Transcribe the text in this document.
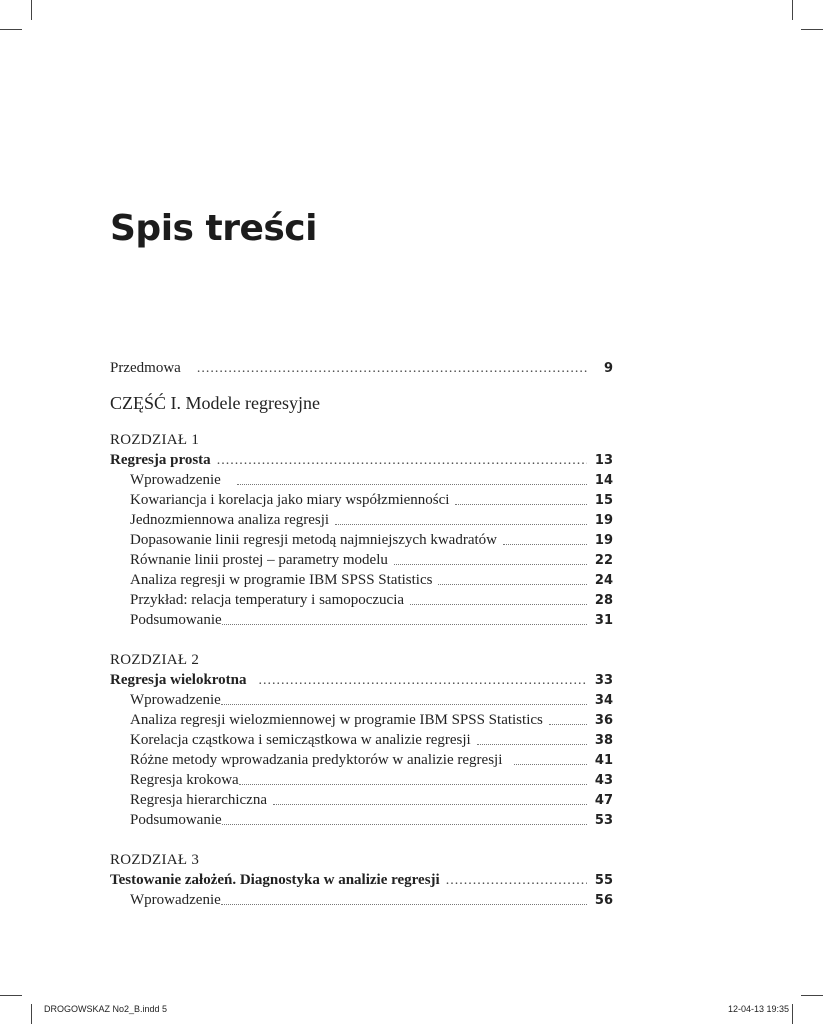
Spis treści
Przedmowa .....	9
CZĘŚĆ I. Modele regresyjne
ROZDZIAŁ 1
Regresja prosta .....	13
Wprowadzenie	14
Kowariancja i korelacja jako miary współzmienności	15
Jednozmiennowa analiza regresji	19
Dopasowanie linii regresji metodą najmniejszych kwadratów	19
Równanie linii prostej – parametry modelu	22
Analiza regresji w programie IBM SPSS Statistics	24
Przykład: relacja temperatury i samopoczucia	28
Podsumowanie	31
ROZDZIAŁ 2
Regresja wielokrotna .....	33
Wprowadzenie	34
Analiza regresji wielozmiennowej w programie IBM SPSS Statistics	36
Korelacja cząstkowa i semicząstkowa w analizie regresji	38
Różne metody wprowadzania predyktorów w analizie regresji	41
Regresja krokowa	43
Regresja hierarchiczna	47
Podsumowanie	53
ROZDZIAŁ 3
Testowanie założeń. Diagnostyka w analizie regresji .....	55
Wprowadzenie	56
DROGOWSKAZ No2_B.indd 5	12-04-13 19:35
